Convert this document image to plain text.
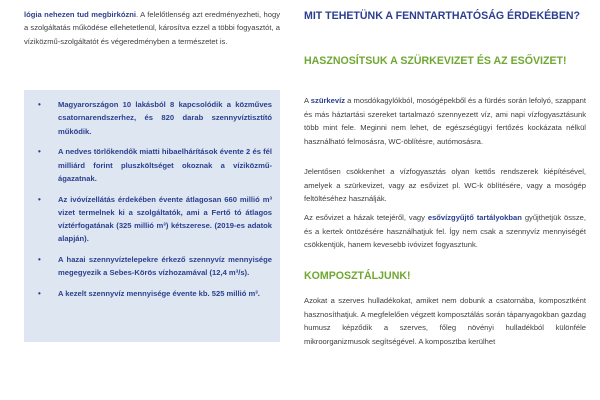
lógia nehezen tud megbirkózni. A felelőtlenség azt eredményezheti, hogy a szolgáltatás működése ellehetetlenül, károsítva ezzel a többi fogyasztót, a víziközmű-szolgáltatót és végeredményben a természetet is.

• Magyarországon 10 lakásból 8 kapcsolódik a közműves csatornarendszerhez, és 820 darab szennyvíztisztító működik.
• A nedves törlőkendők miatti hibaelhárítások évente 2 és fél milliárd forint pluszköltséget okoznak a víziközmű-ágazatnak.
• Az ivóvízellátás érdekében évente átlagosan 660 millió m³ vizet termelnek ki a szolgáltatók, ami a Fertő tó átlagos víztérfogatának (325 millió m³) kétszerese. (2019-es adatok alapján).
• A hazai szennyvíztelepekre érkező szennyvíz mennyisége megegyezik a Sebes-Körös vízhozamával (12,4 m³/s).
• A kezelt szennyvíz mennyisége évente kb. 525 millió m³.
MIT TEHETÜNK A FENNTARTHATÓSÁG ÉRDEKÉBEN?
HASZNOSÍTSUK A SZÜRKEVIZET ÉS AZ ESŐVIZET!

A szürkevíz a mosdókagylókból, mosógépekből és a fürdés során lefolyó, szappant és más háztartási szereket tartalmazó szennyezett víz, ami napi vízfogyasztásunk több mint fele. Meginni nem lehet, de egészségügyi fertőzés kockázata nélkül használható felmosásra, WC-öblítésre, autómosásra.

Jelentősen csökkenhet a vízfogyasztás olyan kettős rendszerek kiépítésével, amelyek a szürkevizet, vagy az esővizet pl. WC-k öblítésére, vagy a mosógép feltöltéséhez használják.

Az esővizet a házak tetejéről, vagy esővízgyűjtő tartályokban gyűjthetjük össze, és a kertek öntözésére használhatjuk fel. Így nem csak a szennyvíz mennyiségét csökkentjük, hanem kevesebb ivóvizet fogyasztunk.

KOMPOSZTÁLJUNK!

Azokat a szerves hulladékokat, amiket nem dobunk a csatornába, komposztként hasznosíthatjuk. A megfelelően végzett komposztálás során tápanyagokban gazdag humusz képződik a szerves, főleg növényi hulladékból különféle mikroorganizmusok segítségével. A komposztba kerülhet
